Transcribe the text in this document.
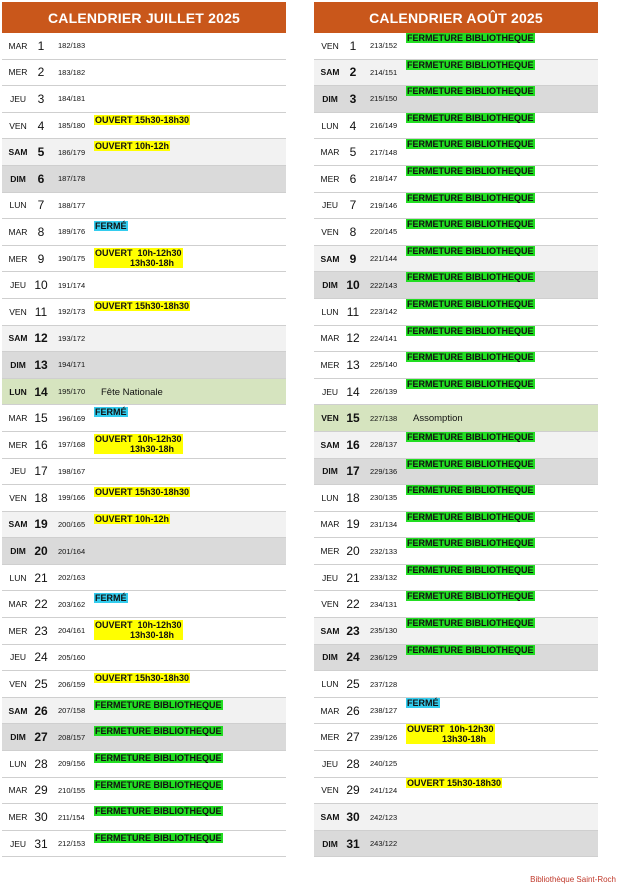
CALENDRIER JUILLET 2025
MAR 1	182/183
MER 2	183/182
JEU 3	184/181
VEN 4	185/180
OUVERT 15h30-18h30
SAM 5	186/179
OUVERT 10h-12h
DIM 6	187/178
LUN 7	188/177
MAR 8	189/176
FERMÉ
MER 9	190/175
OUVERT  10h-12h30
13h30-18h
JEU 10 191/174
VEN 11 192/173
OUVERT 15h30-18h30
SAM 12 193/172
DIM 13 194/171
LUN 14 195/170 Fête Nationale
MAR 15 196/169
FERMÉ
MER 16 197/168
OUVERT  10h-12h30
13h30-18h
JEU 17 198/167
VEN 18 199/166
OUVERT 15h30-18h30
SAM 19 200/165
OUVERT 10h-12h
DIM 20 201/164
LUN 21 202/163
MAR 22 203/162
FERMÉ
MER 23 204/161
OUVERT  10h-12h30
13h30-18h
JEU 24 205/160
VEN 25 206/159
OUVERT 15h30-18h30
SAM 26 207/158
FERMETURE BIBLIOTHEQUE
DIM 27 208/157
FERMETURE BIBLIOTHEQUE
LUN 28 209/156
FERMETURE BIBLIOTHEQUE
MAR 29 210/155
FERMETURE BIBLIOTHEQUE
MER 30 211/154
FERMETURE BIBLIOTHEQUE
JEU 31 212/153
FERMETURE BIBLIOTHEQUE
CALENDRIER AOÛT 2025
VEN 1	213/152
FERMETURE BIBLIOTHEQUE
SAM 2	214/151
FERMETURE BIBLIOTHEQUE
DIM 3	215/150
FERMETURE BIBLIOTHEQUE
LUN 4	216/149
FERMETURE BIBLIOTHEQUE
MAR 5	217/148
FERMETURE BIBLIOTHEQUE
MER 6	218/147
FERMETURE BIBLIOTHEQUE
JEU 7	219/146
FERMETURE BIBLIOTHEQUE
VEN 8	220/145
FERMETURE BIBLIOTHEQUE
SAM 9	221/144
FERMETURE BIBLIOTHEQUE
DIM 10 222/143
FERMETURE BIBLIOTHEQUE
LUN 11 223/142
FERMETURE BIBLIOTHEQUE
MAR 12 224/141
FERMETURE BIBLIOTHEQUE
MER 13 225/140
FERMETURE BIBLIOTHEQUE
JEU 14 226/139
FERMETURE BIBLIOTHEQUE
VEN 15 227/138 Assomption
SAM 16 228/137
FERMETURE BIBLIOTHEQUE
DIM 17 229/136
FERMETURE BIBLIOTHEQUE
LUN 18 230/135
FERMETURE BIBLIOTHEQUE
MAR 19 231/134
FERMETURE BIBLIOTHEQUE
MER 20 232/133
FERMETURE BIBLIOTHEQUE
JEU 21 233/132
FERMETURE BIBLIOTHEQUE
VEN 22 234/131
FERMETURE BIBLIOTHEQUE
SAM 23 235/130
FERMETURE BIBLIOTHEQUE
DIM 24 236/129
FERMETURE BIBLIOTHEQUE
LUN 25 237/128
MAR 26 238/127
FERMÉ
MER 27 239/126
OUVERT  10h-12h30
13h30-18h
JEU 28 240/125
VEN 29 241/124
OUVERT 15h30-18h30
SAM 30 242/123
DIM 31 243/122
Bibliothèque Saint-Roch
